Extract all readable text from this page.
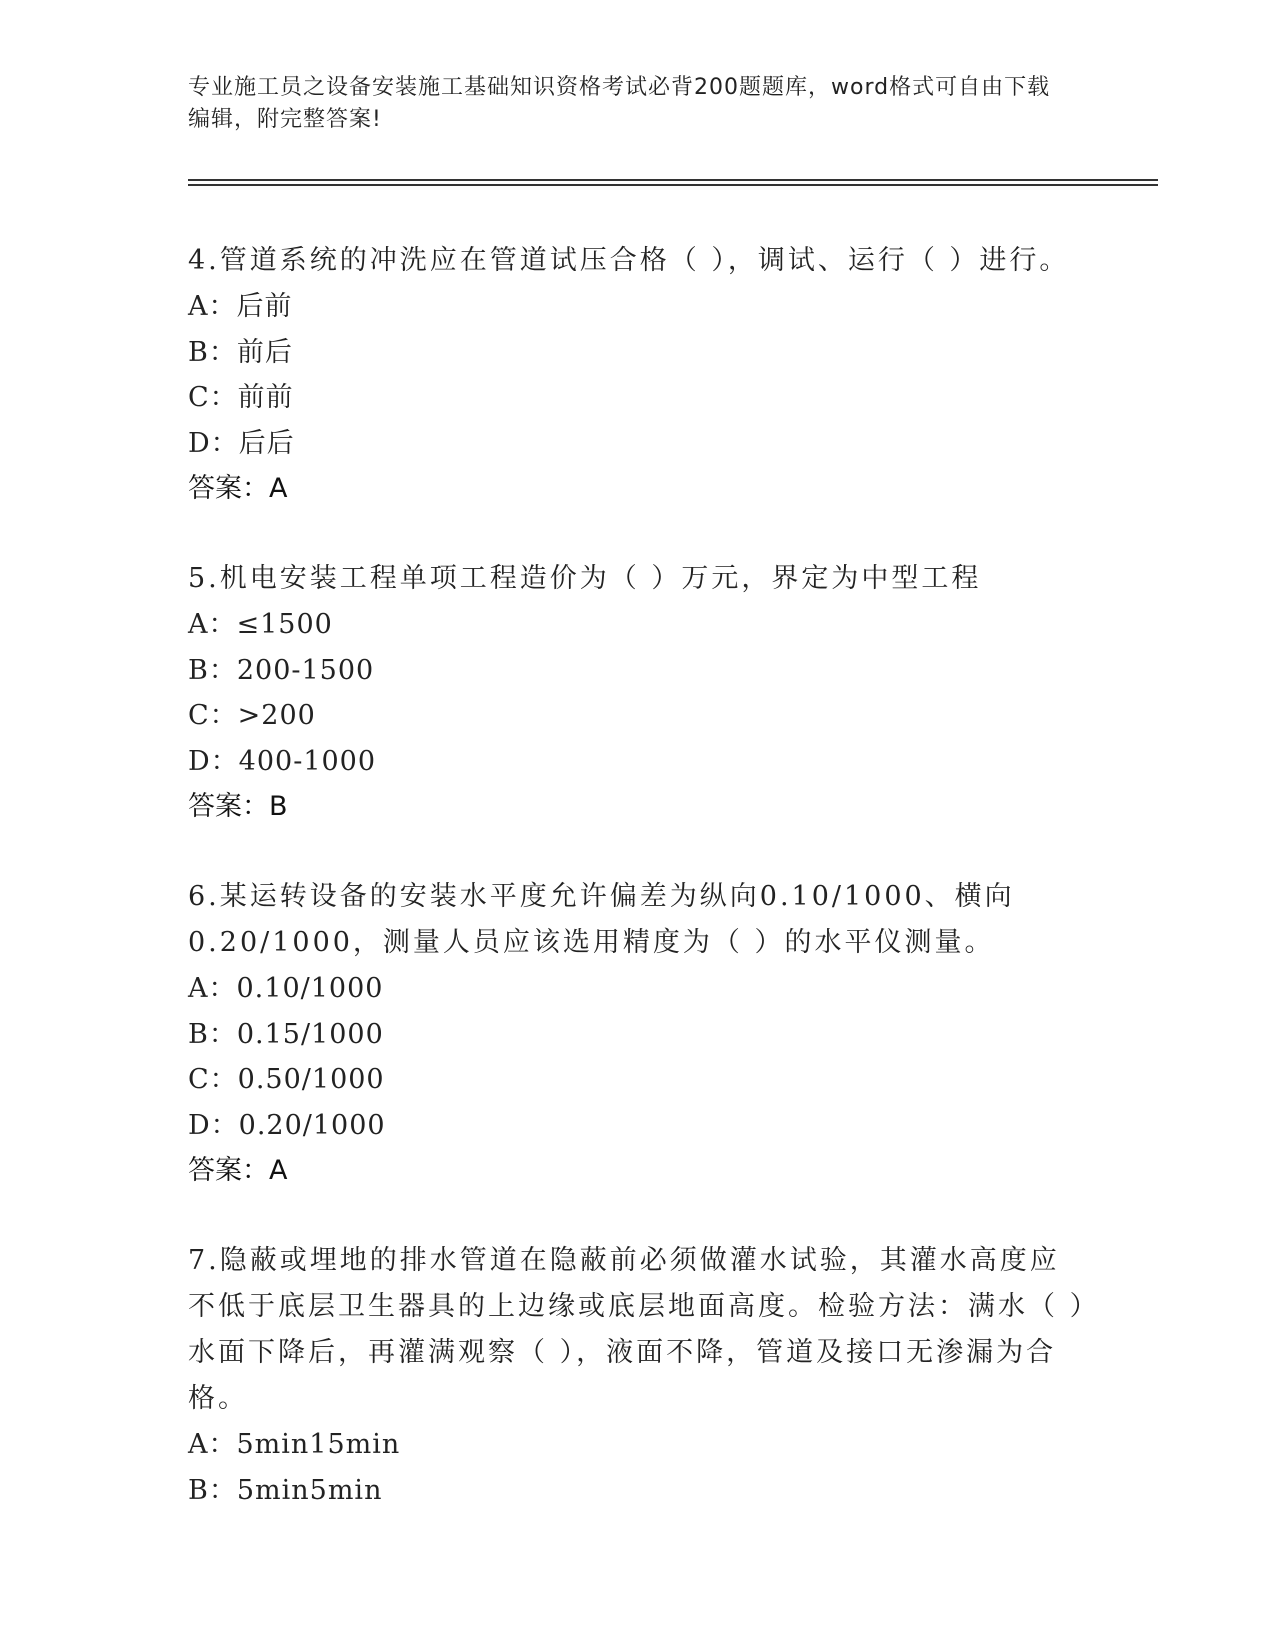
专业施工员之设备安装施工基础知识资格考试必背200题题库，word格式可自由下载编辑，附完整答案!

4.管道系统的冲洗应在管道试压合格（ ），调试、运行（ ）进行。

A：后前

B：前后

C：前前

D：后后

答案：A

5.机电安装工程单项工程造价为（ ）万元，界定为中型工程

A：≤1500

B：200-1500

C：>200

D：400-1000

答案：B

6.某运转设备的安装水平度允许偏差为纵向0.10/1000、横向0.20/1000，测量人员应该选用精度为（ ）的水平仪测量。

A：0.10/1000

B：0.15/1000

C：0.50/1000

D：0.20/1000

答案：A

7.隐蔽或埋地的排水管道在隐蔽前必须做灌水试验，其灌水高度应不低于底层卫生器具的上边缘或底层地面高度。检验方法：满水（ ）水面下降后，再灌满观察（ ），液面不降，管道及接口无渗漏为合格。

A：5min15min

B：5min5min
